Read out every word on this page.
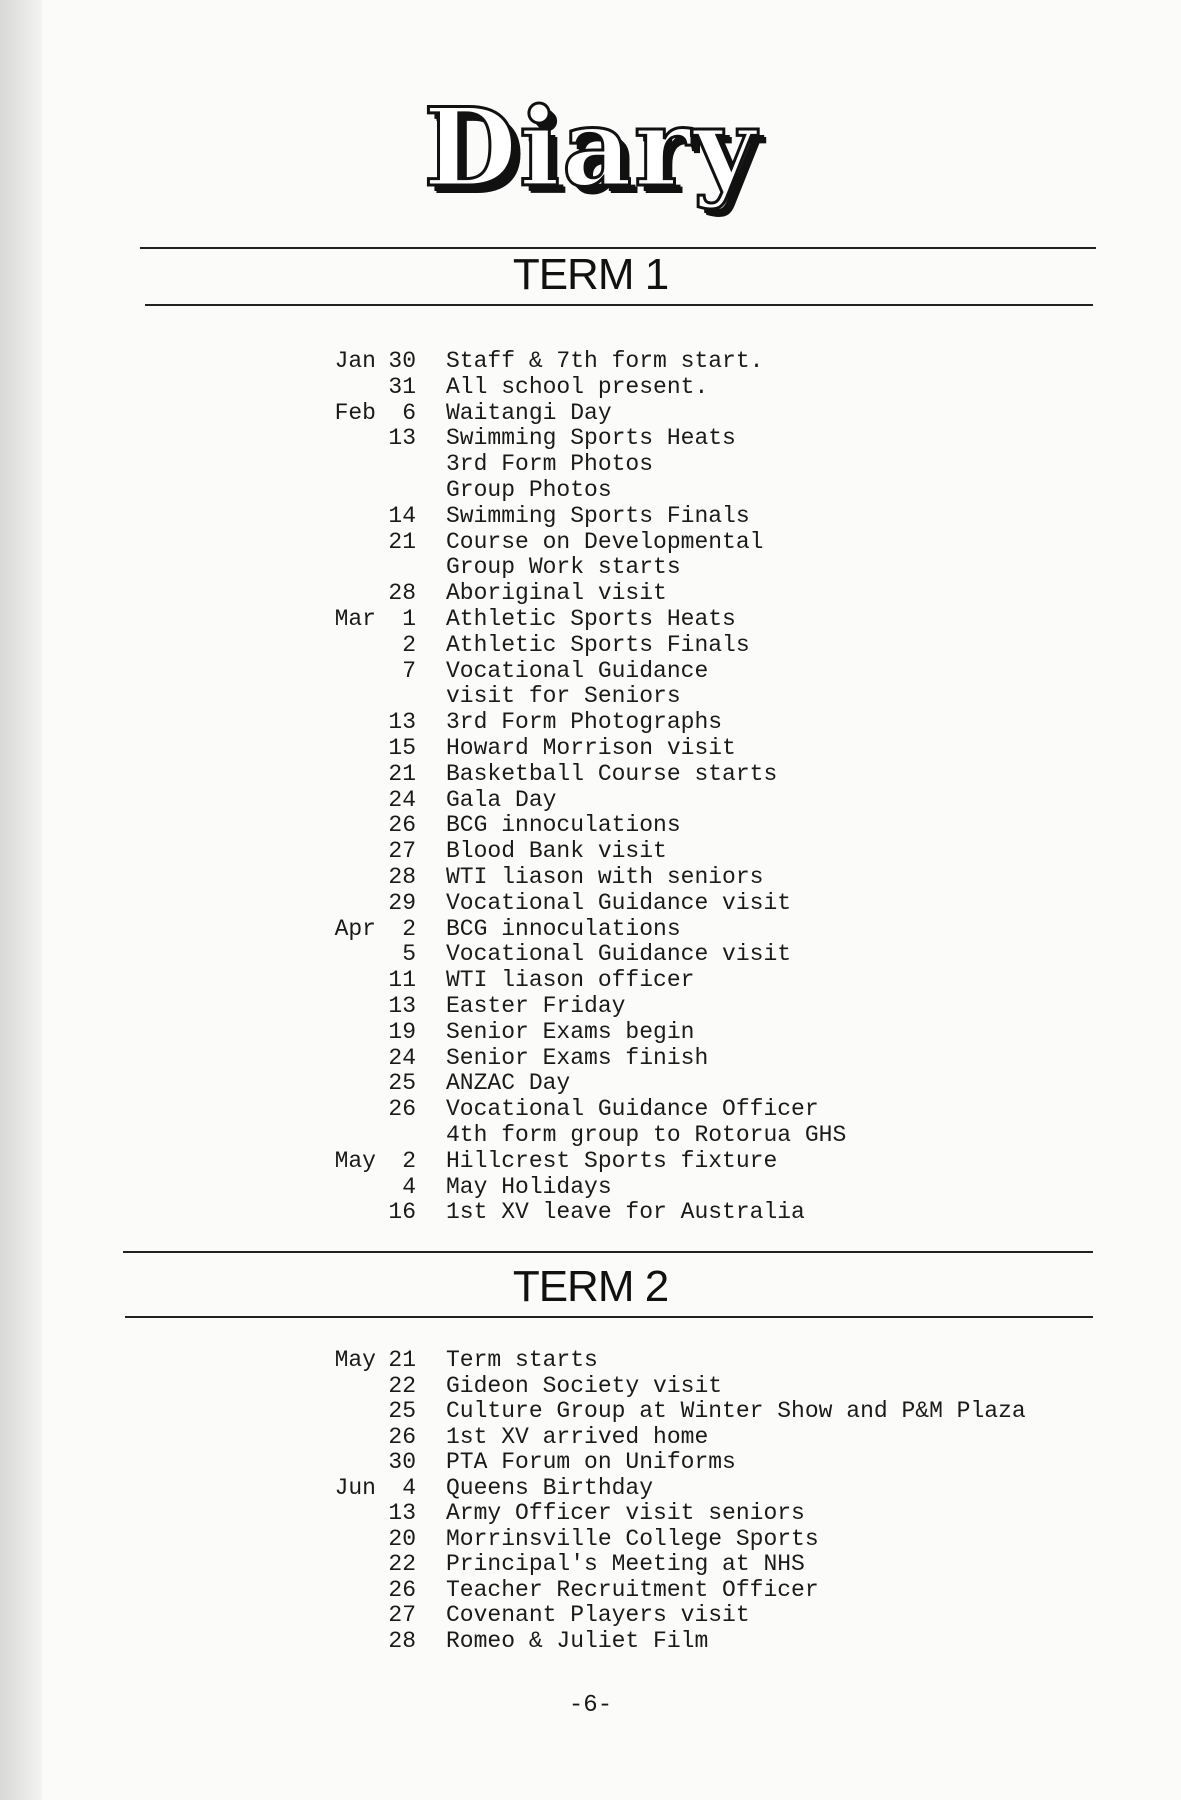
Diary
TERM 1
Jan 30 Staff & 7th form start.
31 All school present.
Feb	6 Waitangi Day
13 Swimming Sports Heats
3rd Form Photos
Group Photos
14 Swimming Sports Finals
21 Course on Developmental
Group Work starts
28 Aboriginal visit
Mar	1 Athletic Sports Heats
2 Athletic Sports Finals
7 Vocational Guidance
visit for Seniors
13 3rd Form Photographs
15 Howard Morrison visit
21 Basketball Course starts
24 Gala Day
26 BCG innoculations
27 Blood Bank visit
28 WTI liason with seniors
29 Vocational Guidance visit
Apr	2 BCG innoculations
5 Vocational Guidance visit
11 WTI liason officer
13 Easter Friday
19 Senior Exams begin
24 Senior Exams finish
25 ANZAC Day
26 Vocational Guidance Officer
4th form group to Rotorua GHS
May	2 Hillcrest Sports fixture
4 May Holidays
16 1st XV leave for Australia
TERM 2
May 21 Term starts
22 Gideon Society visit
25 Culture Group at Winter Show and P&M Plaza
26 1st XV arrived home
30 PTA Forum on Uniforms
Jun	4 Queens Birthday
13 Army Officer visit seniors
20 Morrinsville College Sports
22 Principal's Meeting at NHS
26 Teacher Recruitment Officer
27 Covenant Players visit
28 Romeo & Juliet Film
-6-
